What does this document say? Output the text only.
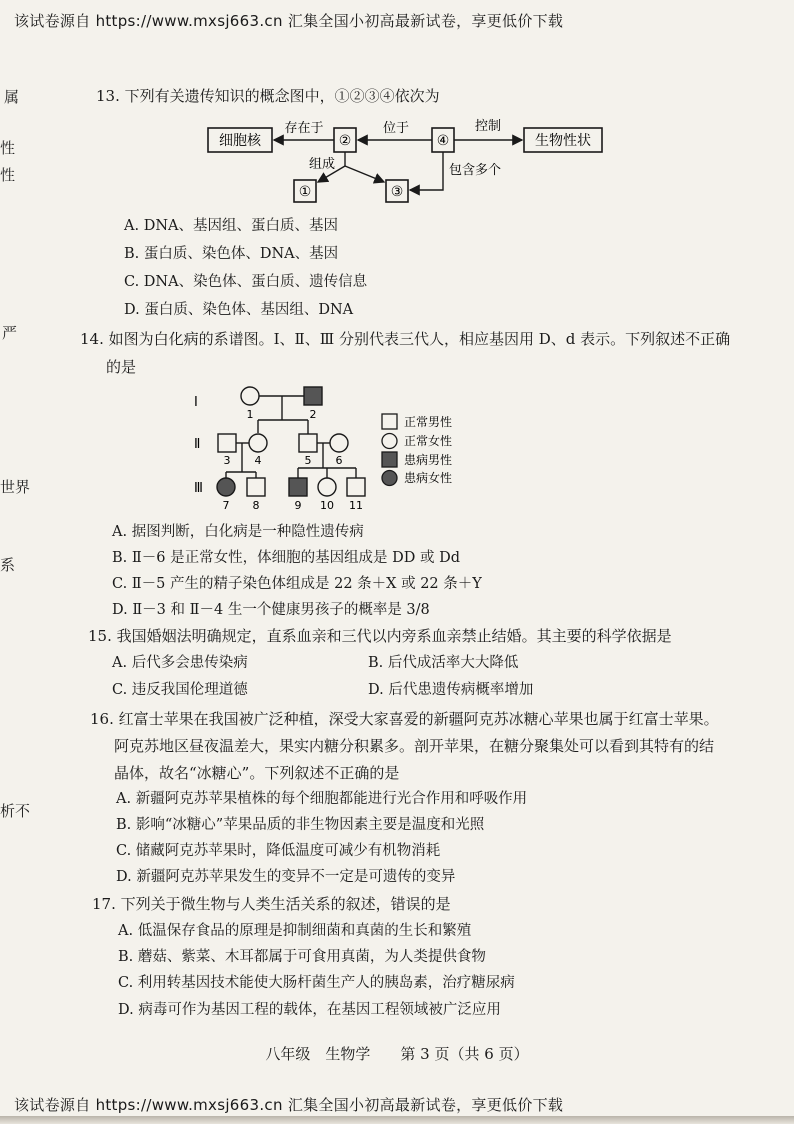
该试卷源自 https://www.mxsj663.cn 汇集全国小初高最新试卷，享更低价下载
该试卷源自 https://www.mxsj663.cn 汇集全国小初高最新试卷，享更低价下载
属
性
性
严
世界
系
析不
13. 下列有关遗传知识的概念图中，①②③④依次为
细胞核	②	④	生物性状
①	③
存在于	位于	控制
组成	包含多个
A. DNA、基因组、蛋白质、基因
B. 蛋白质、染色体、DNA、基因
C. DNA、染色体、蛋白质、遗传信息
D. 蛋白质、染色体、基因组、DNA
14. 如图为白化病的系谱图。Ⅰ、Ⅱ、Ⅲ 分别代表三代人，相应基因用 D、d 表示。下列叙述不正确
的是
Ⅰ
Ⅱ
Ⅲ
1	2
3 4	5 6
7 8	9 10 11
正常男性
正常女性
患病男性
患病女性
A. 据图判断，白化病是一种隐性遗传病
B. Ⅱ－6 是正常女性，体细胞的基因组成是 DD 或 Dd
C. Ⅱ－5 产生的精子染色体组成是 22 条＋X 或 22 条＋Y
D. Ⅱ－3 和 Ⅱ－4 生一个健康男孩子的概率是 3/8
15. 我国婚姻法明确规定，直系血亲和三代以内旁系血亲禁止结婚。其主要的科学依据是
A. 后代多会患传染病	B. 后代成活率大大降低
C. 违反我国伦理道德	D. 后代患遗传病概率增加
16. 红富士苹果在我国被广泛种植，深受大家喜爱的新疆阿克苏冰糖心苹果也属于红富士苹果。
阿克苏地区昼夜温差大，果实内糖分积累多。剖开苹果，在糖分聚集处可以看到其特有的结
晶体，故名“冰糖心”。下列叙述不正确的是
A. 新疆阿克苏苹果植株的每个细胞都能进行光合作用和呼吸作用
B. 影响“冰糖心”苹果品质的非生物因素主要是温度和光照
C. 储藏阿克苏苹果时，降低温度可减少有机物消耗
D. 新疆阿克苏苹果发生的变异不一定是可遗传的变异
17. 下列关于微生物与人类生活关系的叙述，错误的是
A. 低温保存食品的原理是抑制细菌和真菌的生长和繁殖
B. 蘑菇、紫菜、木耳都属于可食用真菌，为人类提供食物
C. 利用转基因技术能使大肠杆菌生产人的胰岛素，治疗糖尿病
D. 病毒可作为基因工程的载体，在基因工程领域被广泛应用
八年级　生物学　　第 3 页（共 6 页）
